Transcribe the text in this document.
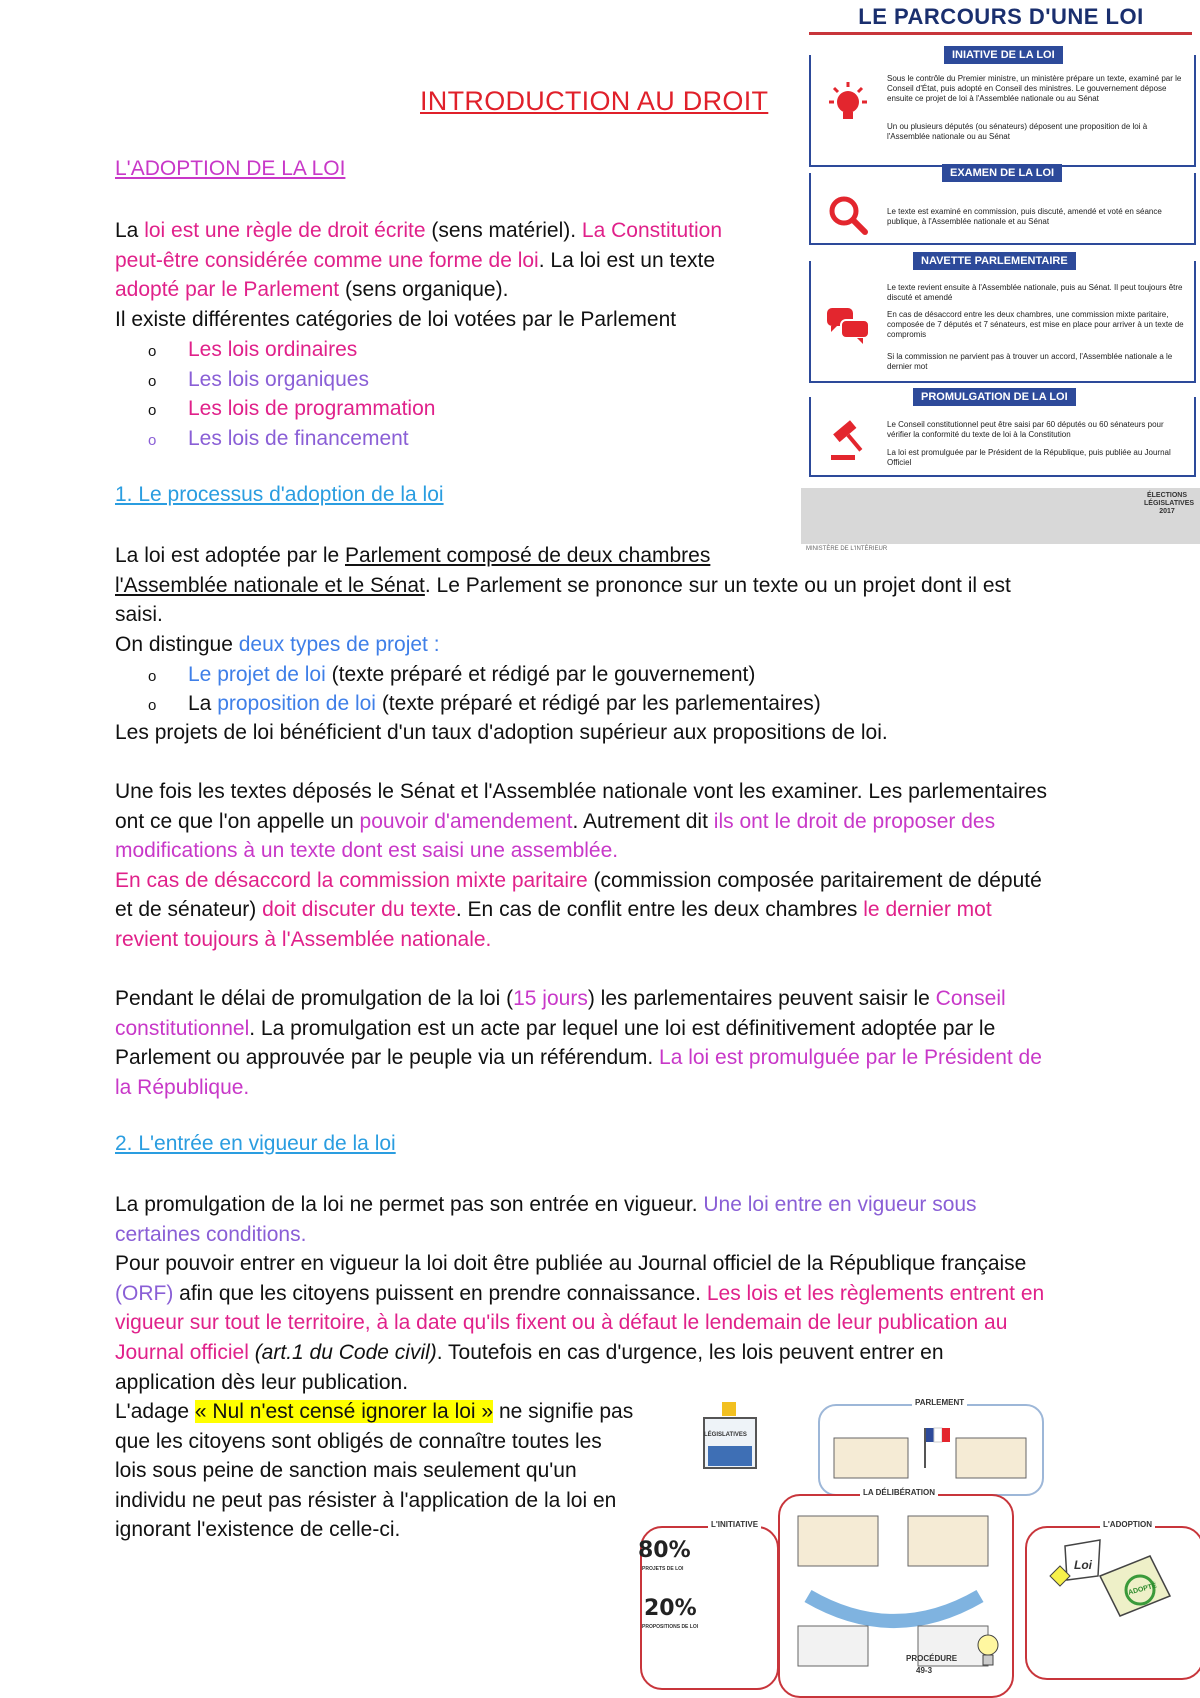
INTRODUCTION AU DROIT
L'ADOPTION DE LA LOI
La loi est une règle de droit écrite (sens matériel). La Constitution
peut-être considérée comme une forme de loi. La loi est un texte
adopté par le Parlement (sens organique).
Il existe différentes catégories de loi votées par le Parlement
o Les lois ordinaires
o Les lois organiques
o Les lois de programmation
o Les lois de financement
1. Le processus d'adoption de la loi
La loi est adoptée par le Parlement composé de deux chambres
l'Assemblée nationale et le Sénat. Le Parlement se prononce sur un texte ou un projet dont il est
saisi.
On distingue deux types de projet :
o Le projet de loi (texte préparé et rédigé par le gouvernement)
o La proposition de loi (texte préparé et rédigé par les parlementaires)
Les projets de loi bénéficient d'un taux d'adoption supérieur aux propositions de loi.
Une fois les textes déposés le Sénat et l'Assemblée nationale vont les examiner. Les parlementaires
ont ce que l'on appelle un pouvoir d'amendement. Autrement dit ils ont le droit de proposer des
modifications à un texte dont est saisi une assemblée.
En cas de désaccord la commission mixte paritaire (commission composée paritairement de député
et de sénateur) doit discuter du texte. En cas de conflit entre les deux chambres le dernier mot
revient toujours à l'Assemblée nationale.
Pendant le délai de promulgation de la loi (15 jours) les parlementaires peuvent saisir le Conseil
constitutionnel. La promulgation est un acte par lequel une loi est définitivement adoptée par le
Parlement ou approuvée par le peuple via un référendum. La loi est promulguée par le Président de
la République.
2. L'entrée en vigueur de la loi
La promulgation de la loi ne permet pas son entrée en vigueur. Une loi entre en vigueur sous
certaines conditions.
Pour pouvoir entrer en vigueur la loi doit être publiée au Journal officiel de la République française
(ORF) afin que les citoyens puissent en prendre connaissance. Les lois et les règlements entrent en
vigueur sur tout le territoire, à la date qu'ils fixent ou à défaut le lendemain de leur publication au
Journal officiel (art.1 du Code civil). Toutefois en cas d'urgence, les lois peuvent entrer en
application dès leur publication.
L'adage « Nul n'est censé ignorer la loi » ne signifie pas
que les citoyens sont obligés de connaître toutes les
lois sous peine de sanction mais seulement qu'un
individu ne peut pas résister à l'application de la loi en
ignorant l'existence de celle-ci.
LE PARCOURS D'UNE LOI
INIATIVE DE LA LOI
Sous le contrôle du Premier ministre, un ministère prépare un texte, examiné par le Conseil d'État, puis adopté en Conseil des ministres. Le gouvernement dépose ensuite ce projet de loi à l'Assemblée nationale ou au Sénat
Un ou plusieurs députés (ou sénateurs) déposent une proposition de loi à l'Assemblée nationale ou au Sénat
EXAMEN DE LA LOI
Le texte est examiné en commission, puis discuté, amendé et voté en séance publique, à l'Assemblée nationale et au Sénat
NAVETTE PARLEMENTAIRE
Le texte revient ensuite à l'Assemblée nationale, puis au Sénat. Il peut toujours être discuté et amendé
En cas de désaccord entre les deux chambres, une commission mixte paritaire, composée de 7 députés et 7 sénateurs, est mise en place pour arriver à un texte de compromis
Si la commission ne parvient pas à trouver un accord, l'Assemblée nationale a le dernier mot
PROMULGATION DE LA LOI
Le Conseil constitutionnel peut être saisi par 60 députés ou 60 sénateurs pour vérifier la conformité du texte de loi à la Constitution
La loi est promulguée par le Président de la République, puis publiée au Journal Officiel
ÉLECTIONS LÉGISLATIVES 2017
MINISTÈRE DE L'INTÉRIEUR
LÉGISLATIVES
PARLEMENT
LA DÉLIBÉRATION
L'INITIATIVE
80%
PROJETS DE LOI
20%
PROPOSITIONS DE LOI
L'ADOPTION
Loi
ADOPTÉ
PROCÉDURE
49-3
